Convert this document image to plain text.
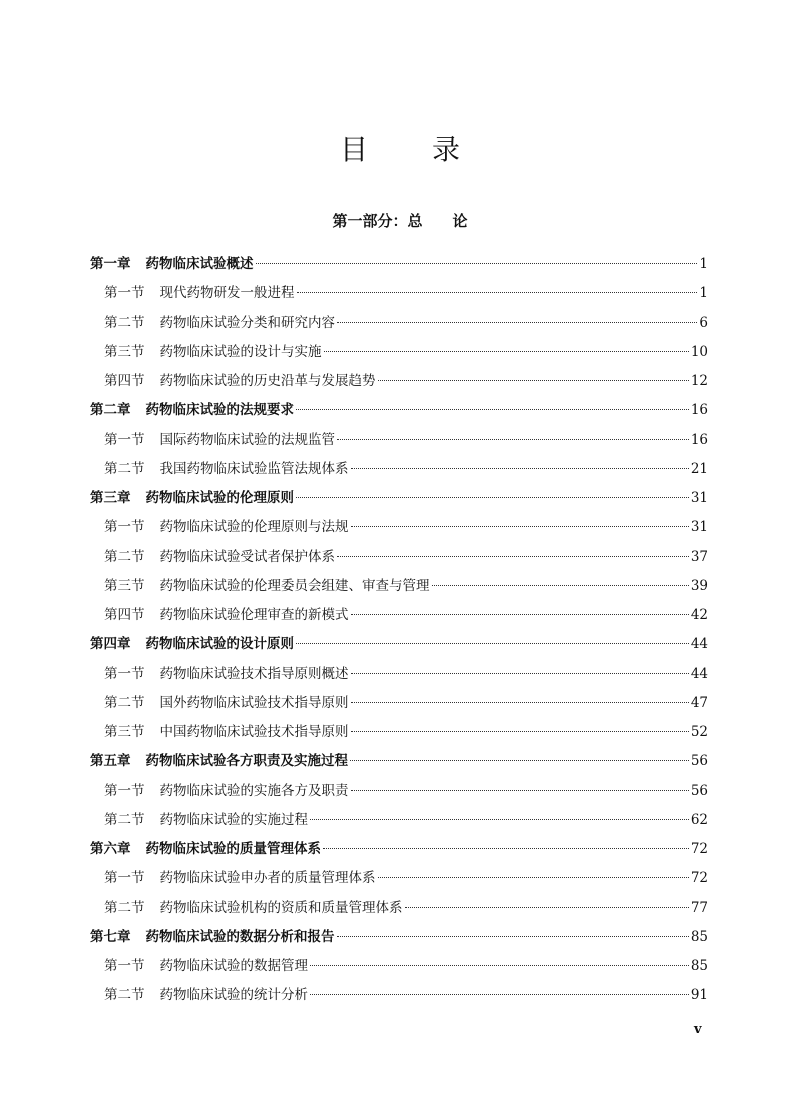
目录
第一部分：总　　论
第一章 药物临床试验概述	1
第一节 现代药物研发一般进程	1
第二节 药物临床试验分类和研究内容	6
第三节 药物临床试验的设计与实施	10
第四节 药物临床试验的历史沿革与发展趋势	12
第二章 药物临床试验的法规要求	16
第一节 国际药物临床试验的法规监管	16
第二节 我国药物临床试验监管法规体系	21
第三章 药物临床试验的伦理原则	31
第一节 药物临床试验的伦理原则与法规	31
第二节 药物临床试验受试者保护体系	37
第三节 药物临床试验的伦理委员会组建、审查与管理	39
第四节 药物临床试验伦理审查的新模式	42
第四章 药物临床试验的设计原则	44
第一节 药物临床试验技术指导原则概述	44
第二节 国外药物临床试验技术指导原则	47
第三节 中国药物临床试验技术指导原则	52
第五章 药物临床试验各方职责及实施过程	56
第一节 药物临床试验的实施各方及职责	56
第二节 药物临床试验的实施过程	62
第六章 药物临床试验的质量管理体系	72
第一节 药物临床试验申办者的质量管理体系	72
第二节 药物临床试验机构的资质和质量管理体系	77
第七章 药物临床试验的数据分析和报告	85
第一节 药物临床试验的数据管理	85
第二节 药物临床试验的统计分析	91
v
